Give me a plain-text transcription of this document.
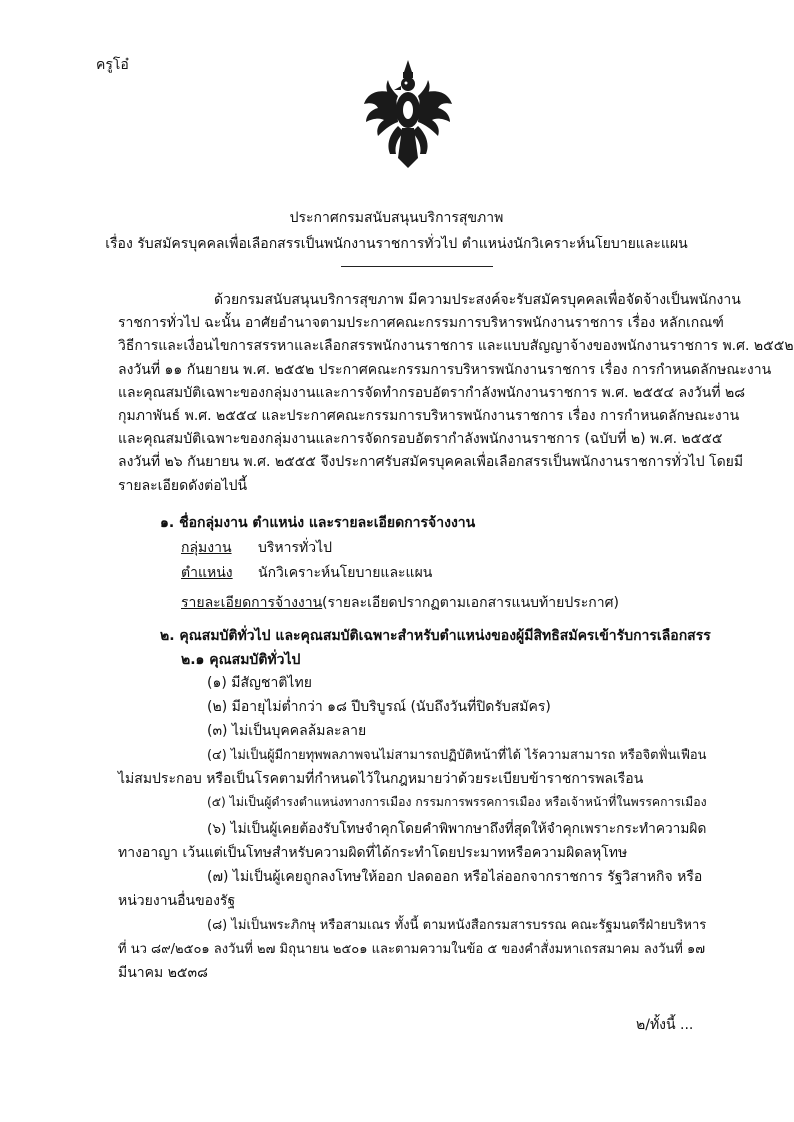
ครูโอ๋
ประกาศกรมสนับสนุนบริการสุขภาพ
เรื่อง รับสมัครบุคคลเพื่อเลือกสรรเป็นพนักงานราชการทั่วไป ตำแหน่งนักวิเคราะห์นโยบายและแผน
ด้วยกรมสนับสนุนบริการสุขภาพ มีความประสงค์จะรับสมัครบุคคลเพื่อจัดจ้างเป็นพนักงาน
ราชการทั่วไป ฉะนั้น อาศัยอำนาจตามประกาศคณะกรรมการบริหารพนักงานราชการ เรื่อง หลักเกณฑ์
วิธีการและเงื่อนไขการสรรหาและเลือกสรรพนักงานราชการ และแบบสัญญาจ้างของพนักงานราชการ พ.ศ. ๒๕๕๒
ลงวันที่ ๑๑ กันยายน พ.ศ. ๒๕๕๒ ประกาศคณะกรรมการบริหารพนักงานราชการ เรื่อง การกำหนดลักษณะงาน
และคุณสมบัติเฉพาะของกลุ่มงานและการจัดทำกรอบอัตรากำลังพนักงานราชการ พ.ศ. ๒๕๕๔ ลงวันที่ ๒๘
กุมภาพันธ์ พ.ศ. ๒๕๕๔ และประกาศคณะกรรมการบริหารพนักงานราชการ เรื่อง การกำหนดลักษณะงาน
และคุณสมบัติเฉพาะของกลุ่มงานและการจัดกรอบอัตรากำลังพนักงานราชการ (ฉบับที่ ๒) พ.ศ. ๒๕๕๕
ลงวันที่ ๒๖ กันยายน พ.ศ. ๒๕๕๕ จึงประกาศรับสมัครบุคคลเพื่อเลือกสรรเป็นพนักงานราชการทั่วไป โดยมี
รายละเอียดดังต่อไปนี้
๑. ชื่อกลุ่มงาน ตำแหน่ง และรายละเอียดการจ้างงาน
กลุ่มงาน บริหารทั่วไป
ตำแหน่ง นักวิเคราะห์นโยบายและแผน
รายละเอียดการจ้างงาน (รายละเอียดปรากฏตามเอกสารแนบท้ายประกาศ)
๒. คุณสมบัติทั่วไป และคุณสมบัติเฉพาะสำหรับตำแหน่งของผู้มีสิทธิสมัครเข้ารับการเลือกสรร
๒.๑ คุณสมบัติทั่วไป
(๑) มีสัญชาติไทย
(๒) มีอายุไม่ต่ำกว่า ๑๘ ปีบริบูรณ์ (นับถึงวันที่ปิดรับสมัคร)
(๓) ไม่เป็นบุคคลล้มละลาย
(๔) ไม่เป็นผู้มีกายทุพพลภาพจนไม่สามารถปฏิบัติหน้าที่ได้ ไร้ความสามารถ หรือจิตฟั่นเฟือน
ไม่สมประกอบ หรือเป็นโรคตามที่กำหนดไว้ในกฎหมายว่าด้วยระเบียบข้าราชการพลเรือน
(๕) ไม่เป็นผู้ดำรงตำแหน่งทางการเมือง กรรมการพรรคการเมือง หรือเจ้าหน้าที่ในพรรคการเมือง
(๖) ไม่เป็นผู้เคยต้องรับโทษจำคุกโดยคำพิพากษาถึงที่สุดให้จำคุกเพราะกระทำความผิด
ทางอาญา เว้นแต่เป็นโทษสำหรับความผิดที่ได้กระทำโดยประมาทหรือความผิดลหุโทษ
(๗) ไม่เป็นผู้เคยถูกลงโทษให้ออก ปลดออก หรือไล่ออกจากราชการ รัฐวิสาหกิจ หรือ
หน่วยงานอื่นของรัฐ
(๘) ไม่เป็นพระภิกษุ หรือสามเณร ทั้งนี้ ตามหนังสือกรมสารบรรณ คณะรัฐมนตรีฝ่ายบริหาร
ที่ นว ๘๙/๒๕๐๑ ลงวันที่ ๒๗ มิถุนายน ๒๕๐๑ และตามความในข้อ ๕ ของคำสั่งมหาเถรสมาคม ลงวันที่ ๑๗
มีนาคม ๒๕๓๘
๒/ทั้งนี้ ...
